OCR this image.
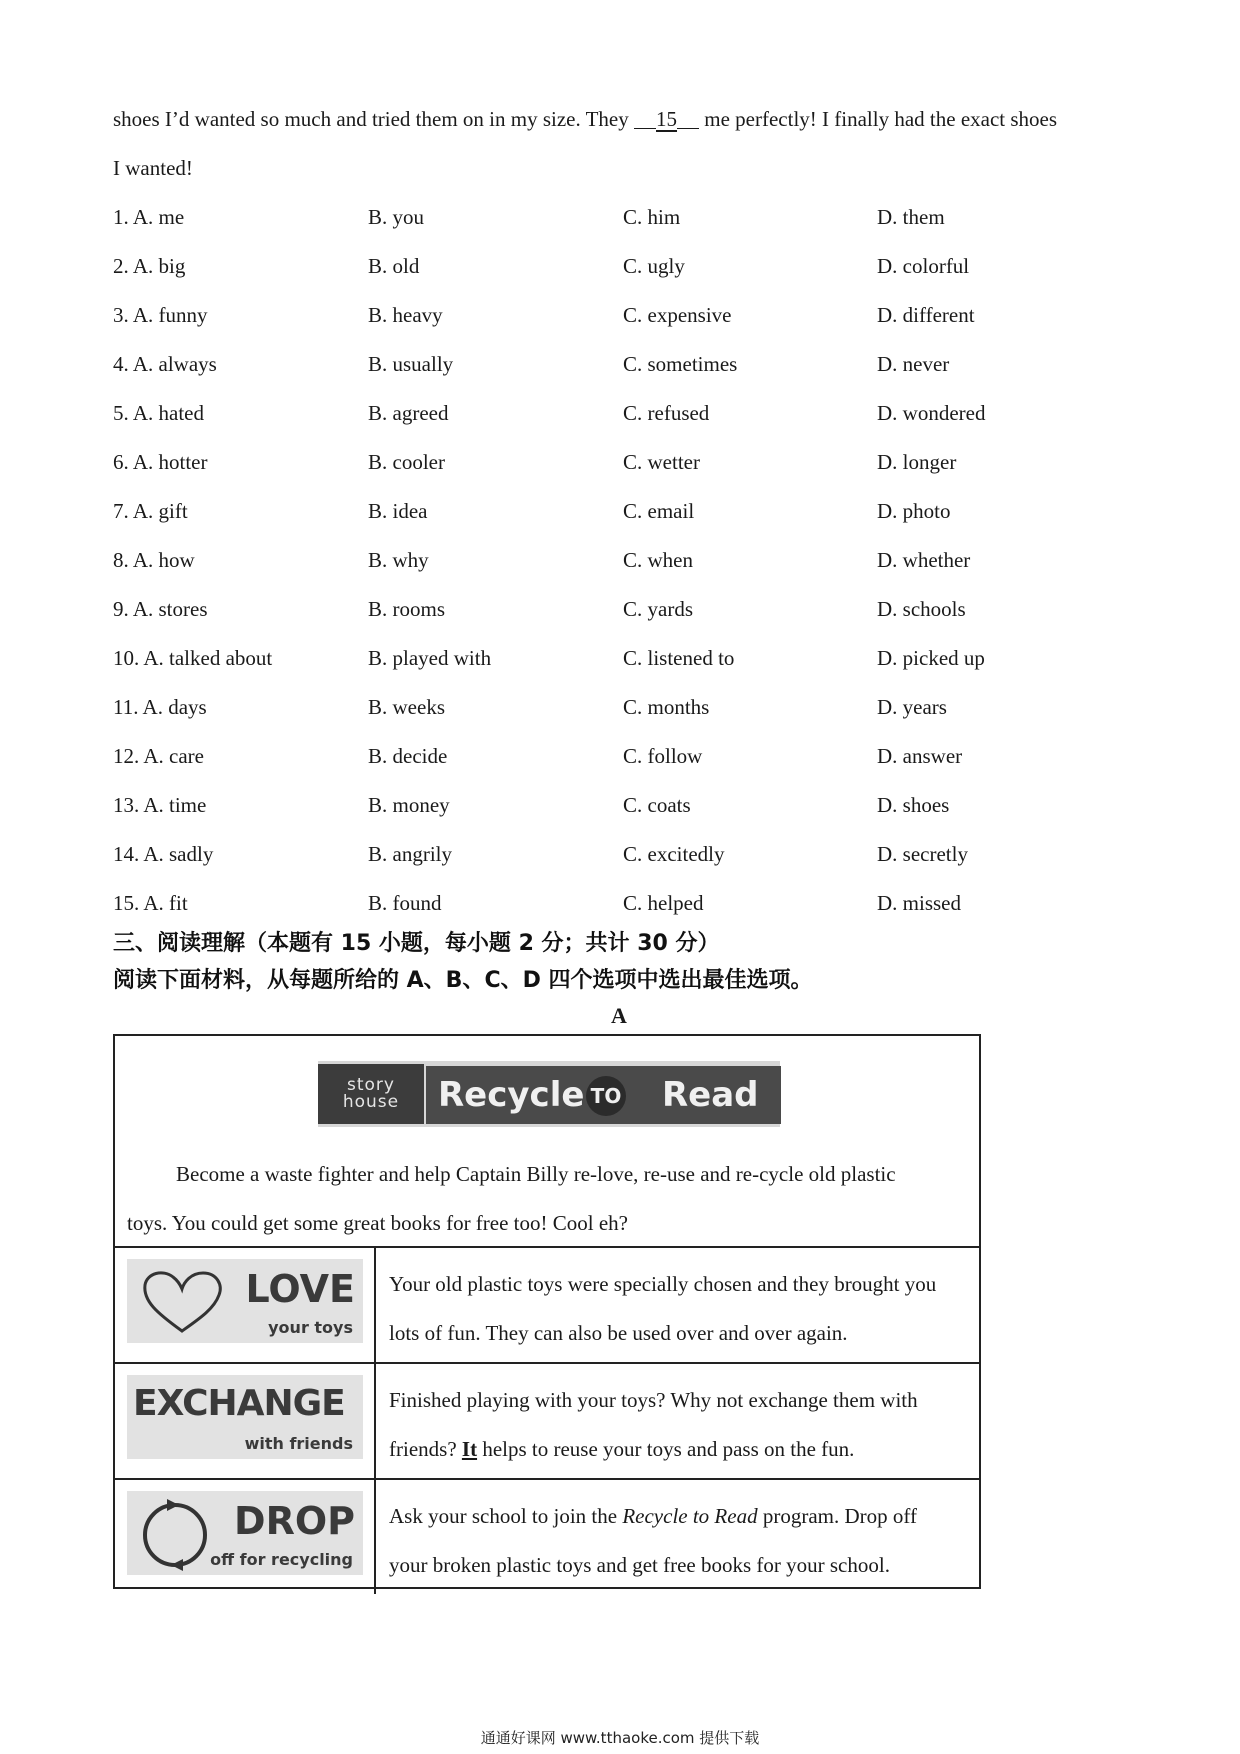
shoes I’d wanted so much and tried them on in my size. They 15 me perfectly! I finally had the exact shoes
I wanted!
1. A. me	B. you	C. him	D. them
2. A. big	B. old	C. ugly	D. colorful
3. A. funny	B. heavy	C. expensive	D. different
4. A. always	B. usually	C. sometimes	D. never
5. A. hated	B. agreed	C. refused	D. wondered
6. A. hotter	B. cooler	C. wetter	D. longer
7. A. gift	B. idea	C. email	D. photo
8. A. how	B. why	C. when	D. whether
9. A. stores	B. rooms	C. yards	D. schools
10. A. talked about	B. played with	C. listened to	D. picked up
11. A. days	B. weeks	C. months	D. years
12. A. care	B. decide	C. follow	D. answer
13. A. time	B. money	C. coats	D. shoes
14. A. sadly	B. angrily	C. excitedly	D. secretly
15. A. fit	B. found	C. helped	D. missed
三、阅读理解（本题有 15 小题，每小题 2 分；共计 30 分）
阅读下面材料，从每题所给的 A、B、C、D 四个选项中选出最佳选项。
A
story
house	Recycle TO Read
Become a waste fighter and help Captain Billy re-love, re-use and re-cycle old plastic
toys. You could get some great books for free too! Cool eh?
LOVE
your toys
Your old plastic toys were specially chosen and they brought you
lots of fun. They can also be used over and over again.
EXCHANGE
with friends
Finished playing with your toys? Why not exchange them with
friends? It helps to reuse your toys and pass on the fun.
DROP
off for recycling
Ask your school to join the Recycle to Read program. Drop off
your broken plastic toys and get free books for your school.
通通好课网 www.tthaoke.com 提供下载
